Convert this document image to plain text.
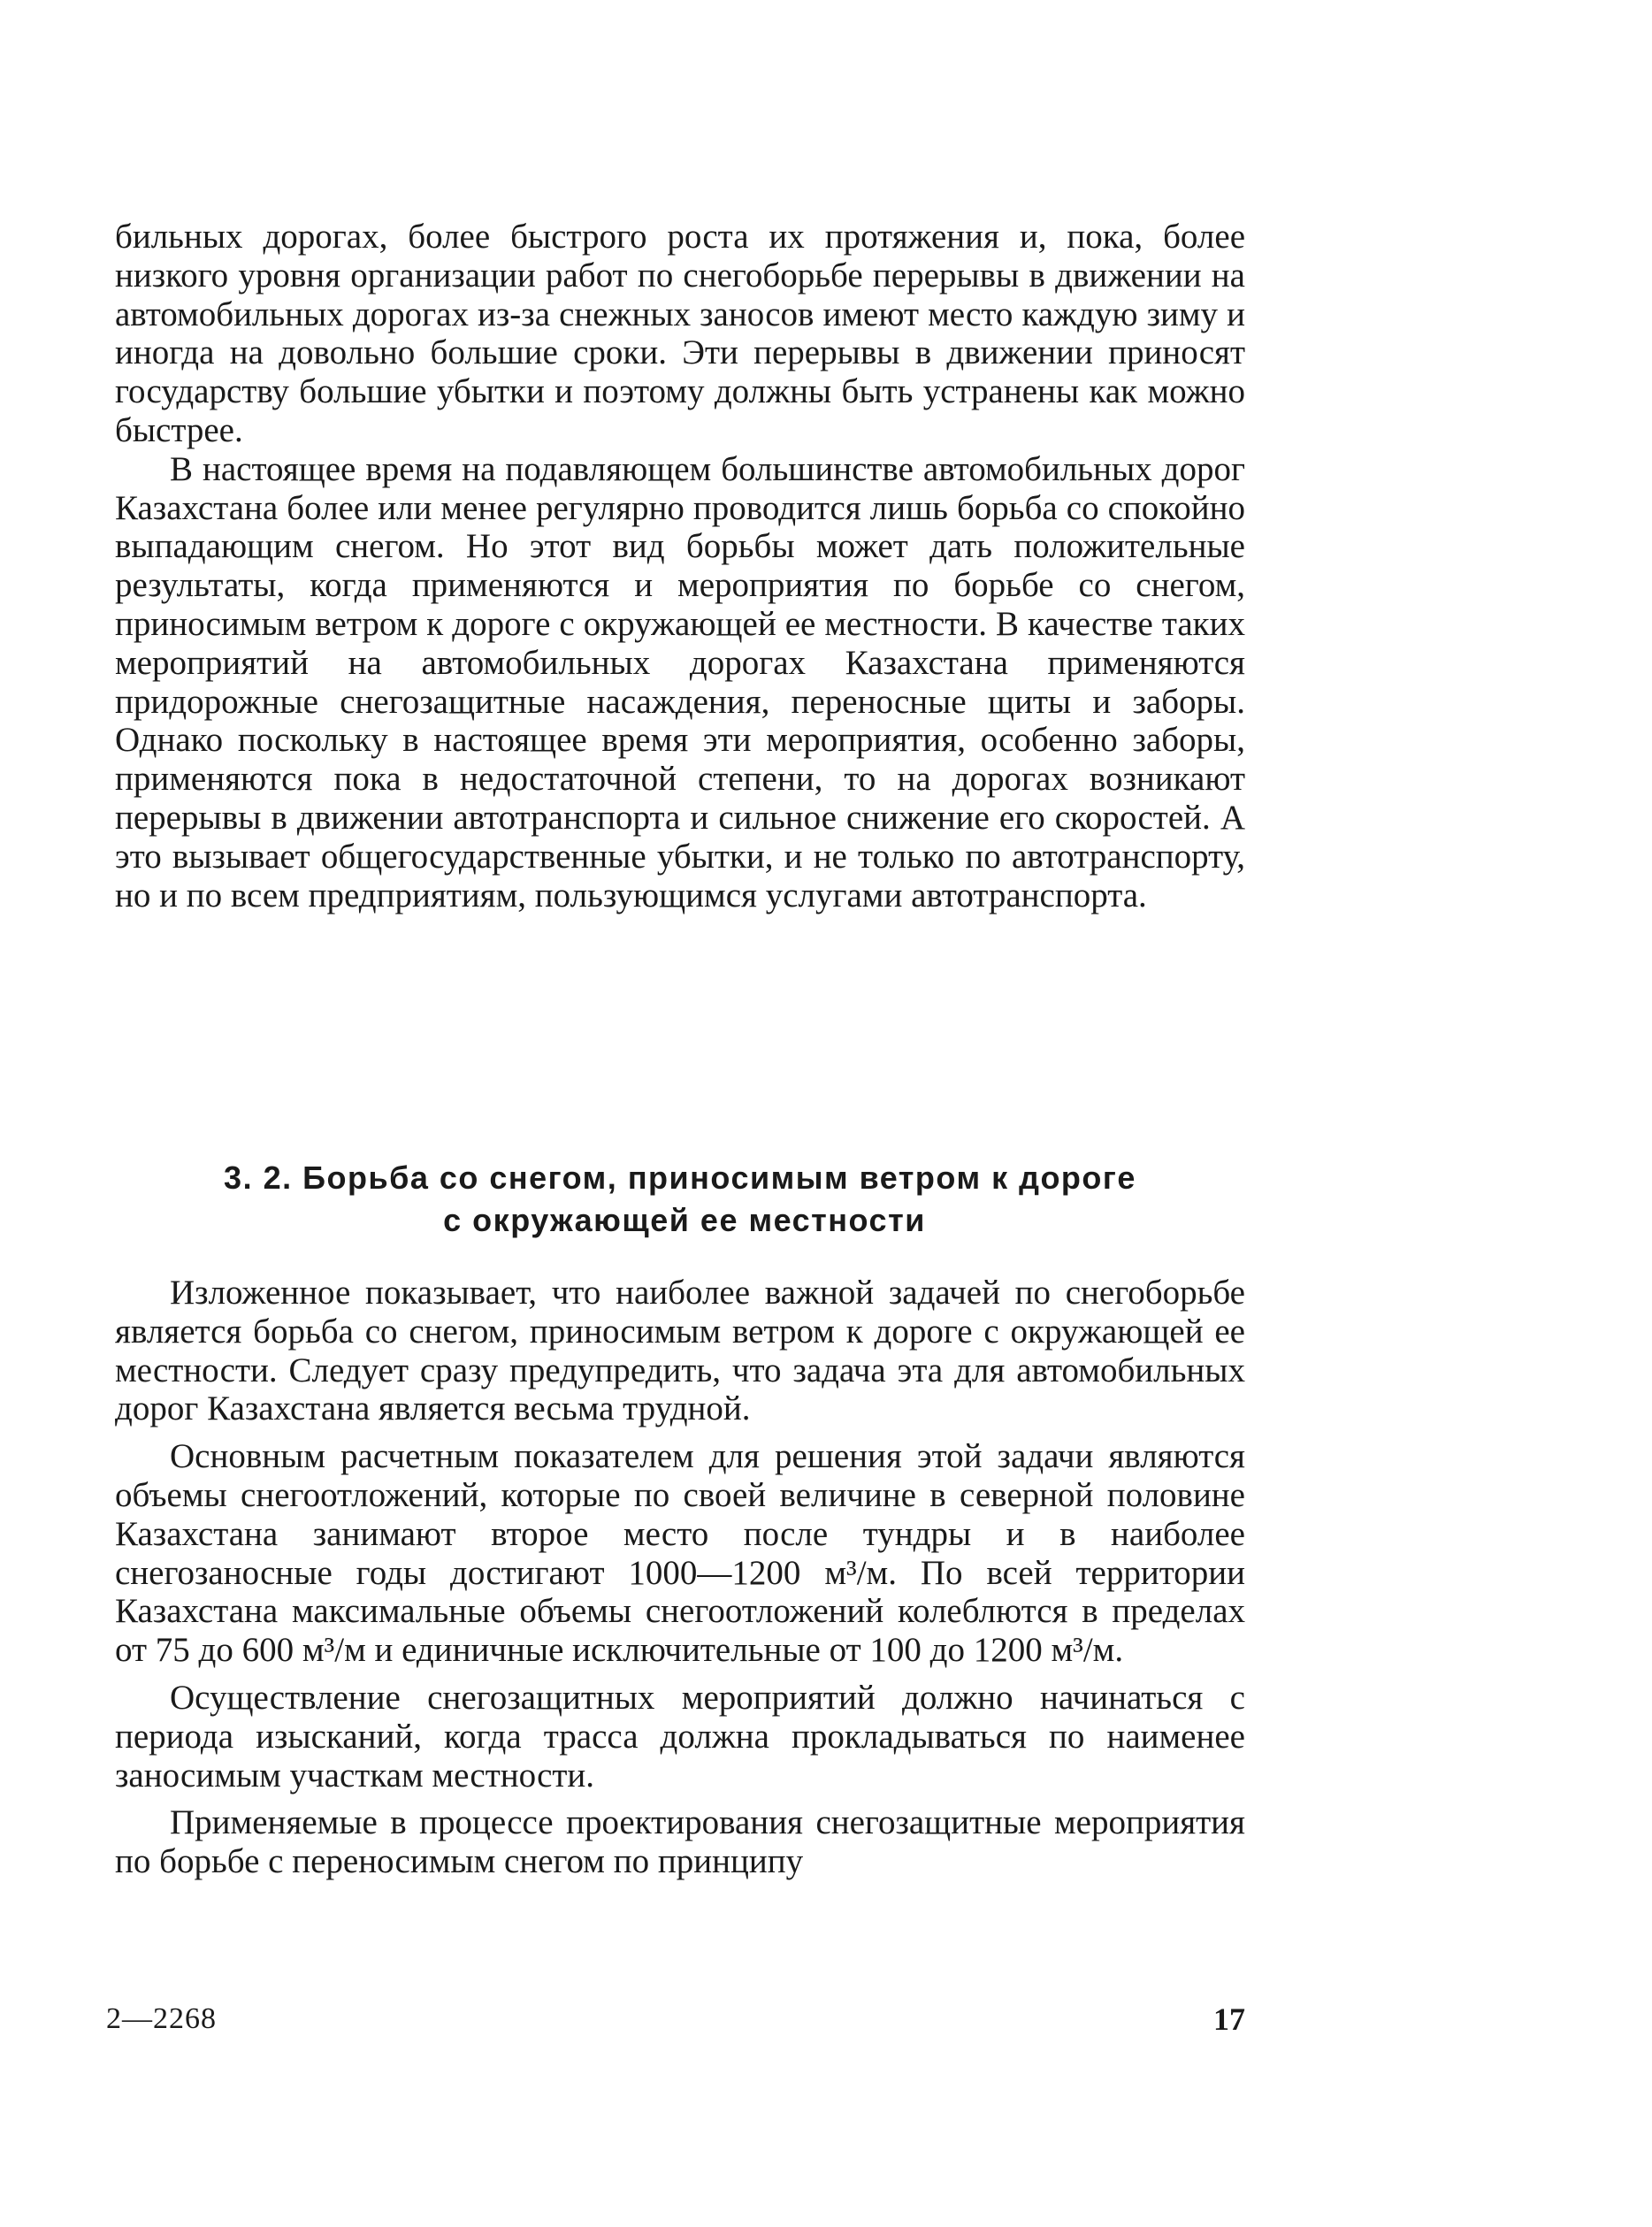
бильных дорогах, более быстрого роста их протяжения и, пока, более низкого уровня организации работ по снегоборьбе перерывы в движении на автомобильных дорогах из-за снежных заносов имеют место каждую зиму и иногда на довольно большие сроки. Эти перерывы в движении приносят государству большие убытки и поэтому должны быть устранены как можно быстрее.

В настоящее время на подавляющем большинстве автомобильных дорог Казахстана более или менее регулярно проводится лишь борьба со спокойно выпадающим снегом. Но этот вид борьбы может дать положительные результаты, когда применяются и мероприятия по борьбе со снегом, приносимым ветром к дороге с окружающей ее местности. В качестве таких мероприятий на автомобильных дорогах Казахстана применяются придорожные снегозащитные насаждения, переносные щиты и заборы. Однако поскольку в настоящее время эти мероприятия, особенно заборы, применяются пока в недостаточной степени, то на дорогах возникают перерывы в движении автотранспорта и сильное снижение его скоростей. А это вызывает общегосударственные убытки, и не только по автотранспорту, но и по всем предприятиям, пользующимся услугами автотранспорта.

3. 2. Борьба со снегом, приносимым ветром к дороге
с окружающей ее местности

Изложенное показывает, что наиболее важной задачей по снегоборьбе является борьба со снегом, приносимым ветром к дороге с окружающей ее местности. Следует сразу предупредить, что задача эта для автомобильных дорог Казахстана является весьма трудной.

Основным расчетным показателем для решения этой задачи являются объемы снегоотложений, которые по своей величине в северной половине Казахстана занимают второе место после тундры и в наиболее снегозаносные годы достигают 1000—1200 м³/м. По всей территории Казахстана максимальные объемы снегоотложений колеблются в пределах от 75 до 600 м³/м и единичные исключительные от 100 до 1200 м³/м.

Осуществление снегозащитных мероприятий должно начинаться с периода изысканий, когда трасса должна прокладываться по наименее заносимым участкам местности.

Применяемые в процессе проектирования снегозащитные мероприятия по борьбе с переносимым снегом по принципу

2—2268	17
